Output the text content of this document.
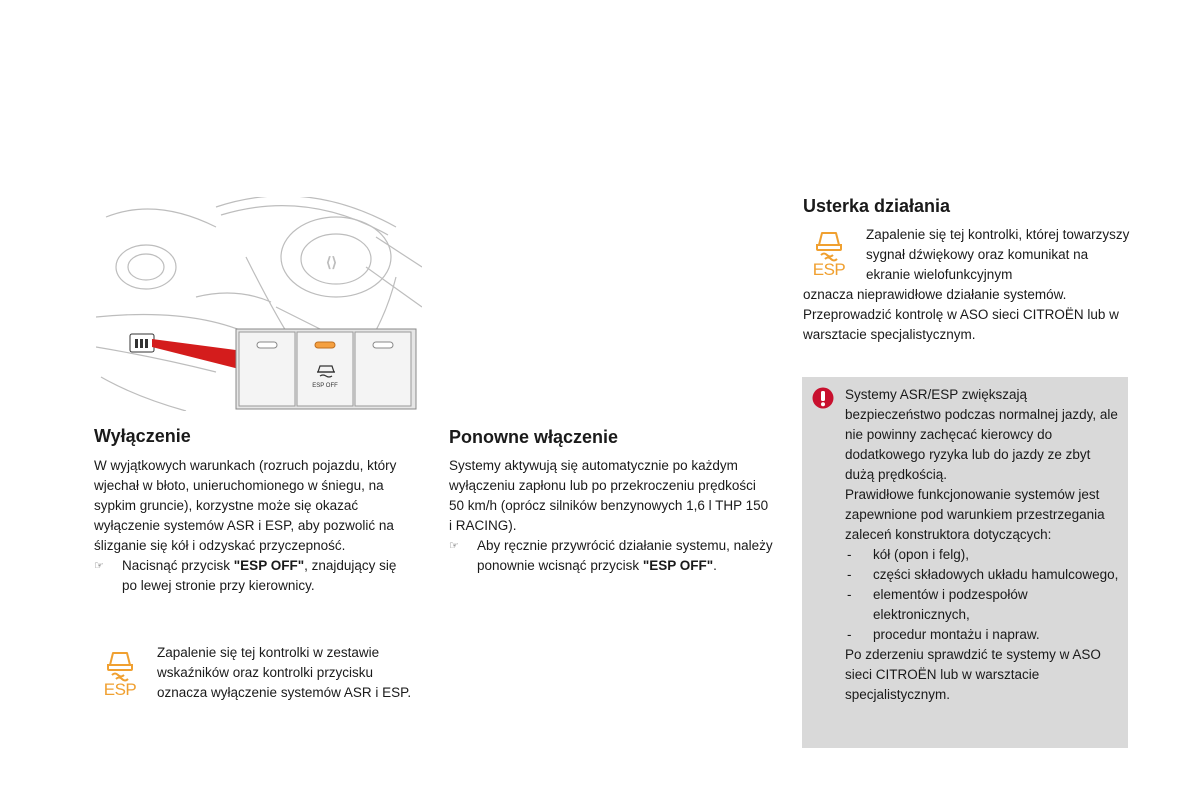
⟨⟩
ESP OFF
Wyłączenie

W wyjątkowych warunkach (rozruch pojazdu, który wjechał w błoto, unieruchomionego w śniegu, na sypkim gruncie), korzystne może się okazać wyłączenie systemów ASR i ESP, aby pozwolić na ślizganie się kół i odzyskać przyczepność.

☞ Nacisnąć przycisk "ESP OFF", znajdujący się po lewej stronie przy kierownicy.
ESP
Zapalenie się tej kontrolki w zestawie wskaźników oraz kontrolki przycisku oznacza wyłączenie systemów ASR i ESP.
Ponowne włączenie

Systemy aktywują się automatycznie po każdym wyłączeniu zapłonu lub po przekroczeniu prędkości 50 km/h (oprócz silników benzynowych 1,6 l THP 150 i RACING).

☞ Aby ręcznie przywrócić działanie systemu, należy ponownie wcisnąć przycisk "ESP OFF".
Usterka działania
ESP
Zapalenie się tej kontrolki, której towarzyszy sygnał dźwiękowy oraz komunikat na ekranie wielofunkcyjnym
oznacza nieprawidłowe działanie systemów. Przeprowadzić kontrolę w ASO sieci CITROËN lub w warsztacie specjalistycznym.

Systemy ASR/ESP zwiększają bezpieczeństwo podczas normalnej jazdy, ale nie powinny zachęcać kierowcy do dodatkowego ryzyka lub do jazdy ze zbyt dużą prędkością.

Prawidłowe funkcjonowanie systemów jest zapewnione pod warunkiem przestrzegania zaleceń konstruktora dotyczących:

- kół (opon i felg),
- części składowych układu hamulcowego,
- elementów i podzespołów elektronicznych,
- procedur montażu i napraw.

Po zderzeniu sprawdzić te systemy w ASO sieci CITROËN lub w warsztacie specjalistycznym.
